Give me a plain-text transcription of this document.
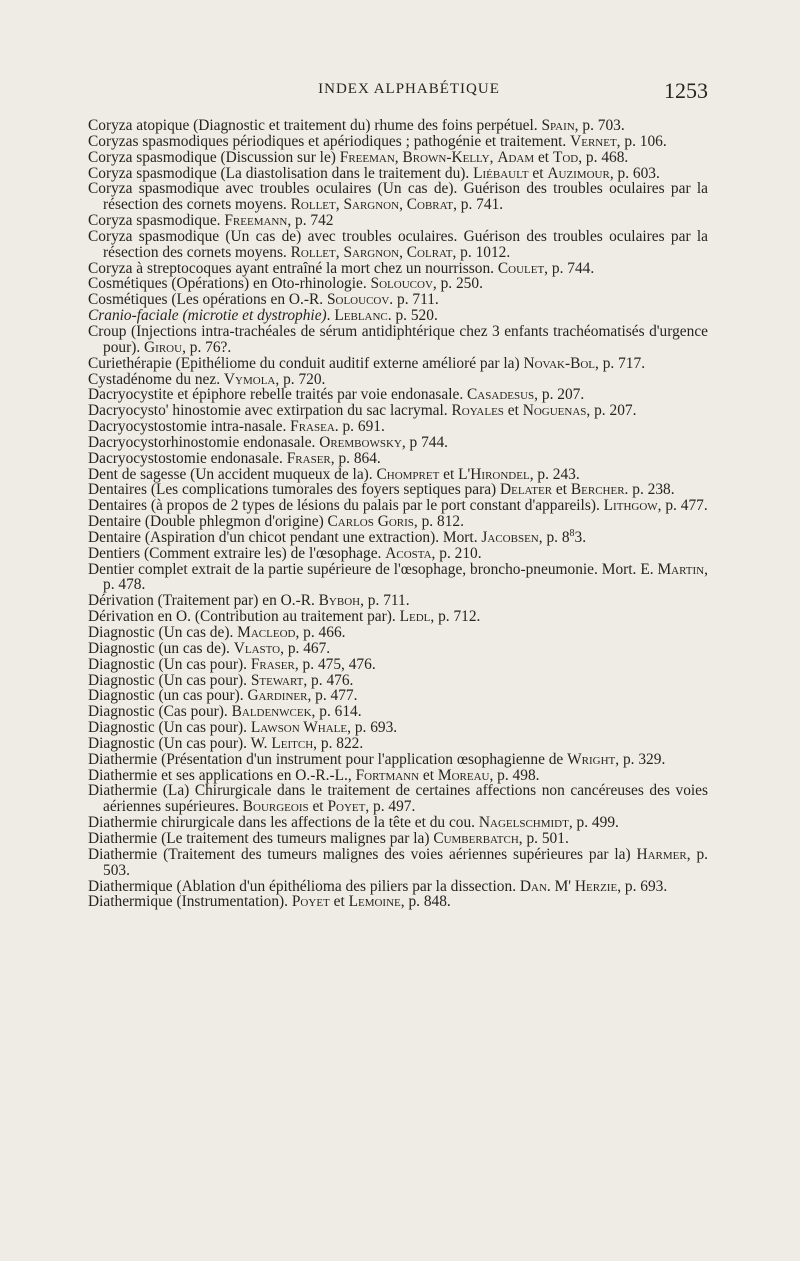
INDEX ALPHABÉTIQUE	1253

Coryza atopique (Diagnostic et traitement du) rhume des foins perpétuel. Spain, p. 703.

Coryzas spasmodiques périodiques et apériodiques ; pathogénie et traitement. Vernet, p. 106.

Coryza spasmodique (Discussion sur le) Freeman, Brown-Kelly, Adam et Tod, p. 468.

Coryza spasmodique (La diastolisation dans le traitement du). Liébault et Auzimour, p. 603.

Coryza spasmodique avec troubles oculaires (Un cas de). Guérison des troubles oculaires par la résection des cornets moyens. Rollet, Sargnon, Cobrat, p. 741.

Coryza spasmodique. Freemann, p. 742

Coryza spasmodique (Un cas de) avec troubles oculaires. Guérison des troubles oculaires par la résection des cornets moyens. Rollet, Sargnon, Colrat, p. 1012.

Coryza à streptocoques ayant entraîné la mort chez un nourrisson. Coulet, p. 744.

Cosmétiques (Opérations) en Oto-rhinologie. Soloucov, p. 250.

Cosmétiques (Les opérations en O.-R. Soloucov. p. 711.

Cranio-faciale (microtie et dystrophie). Leblanc. p. 520.

Croup (Injections intra-trachéales de sérum antidiphtérique chez 3 enfants trachéomatisés d'urgence pour). Girou, p. 76?.

Curiethérapie (Epithéliome du conduit auditif externe amélioré par la) Novak-Bol, p. 717.

Cystadénome du nez. Vymola, p. 720.

Dacryocystite et épiphore rebelle traités par voie endonasale. Casadesus, p. 207.

Dacryocysto' hinostomie avec extirpation du sac lacrymal. Royales et Noguenas, p. 207.

Dacryocystostomie intra-nasale. Frasea. p. 691.

Dacryocystorhinostomie endonasale. Orembowsky, p 744.

Dacryocystostomie endonasale. Fraser, p. 864.

Dent de sagesse (Un accident muqueux de la). Chompret et L'Hirondel, p. 243.

Dentaires (Les complications tumorales des foyers septiques para) Delater et Bercher. p. 238.

Dentaires (à propos de 2 types de lésions du palais par le port constant d'appareils). Lithgow, p. 477.

Dentaire (Double phlegmon d'origine) Carlos Goris, p. 812.

Dentaire (Aspiration d'un chicot pendant une extraction). Mort. Jacobsen, p. $8^83$.

Dentiers (Comment extraire les) de l'œsophage. Acosta, p. 210.

Dentier complet extrait de la partie supérieure de l'œsophage, broncho-pneumonie. Mort. E. Martin, p. 478.

Dérivation (Traitement par) en O.-R. Byboh, p. 711.

Dérivation en O. (Contribution au traitement par). Ledl, p. 712.

Diagnostic (Un cas de). Macleod, p. 466.

Diagnostic (un cas de). Vlasto, p. 467.

Diagnostic (Un cas pour). Fraser, p. 475, 476.

Diagnostic (Un cas pour). Stewart, p. 476.

Diagnostic (un cas pour). Gardiner, p. 477.

Diagnostic (Cas pour). Baldenwcek, p. 614.

Diagnostic (Un cas pour). Lawson Whale, p. 693.

Diagnostic (Un cas pour). W. Leitch, p. 822.

Diathermie (Présentation d'un instrument pour l'application œsophagienne de Wright, p. 329.

Diathermie et ses applications en O.-R.-L., Fortmann et Moreau, p. 498.

Diathermie (La) Chirurgicale dans le traitement de certaines affections non cancéreuses des voies aériennes supérieures. Bourgeois et Poyet, p. 497.

Diathermie chirurgicale dans les affections de la tête et du cou. Nagelschmidt, p. 499.

Diathermie (Le traitement des tumeurs malignes par la) Cumberbatch, p. 501.

Diathermie (Traitement des tumeurs malignes des voies aériennes supérieures par la) Harmer, p. 503.

Diathermique (Ablation d'un épithélioma des piliers par la dissection. Dan. M' Herzie, p. 693.

Diathermique (Instrumentation). Poyet et Lemoine, p. 848.
